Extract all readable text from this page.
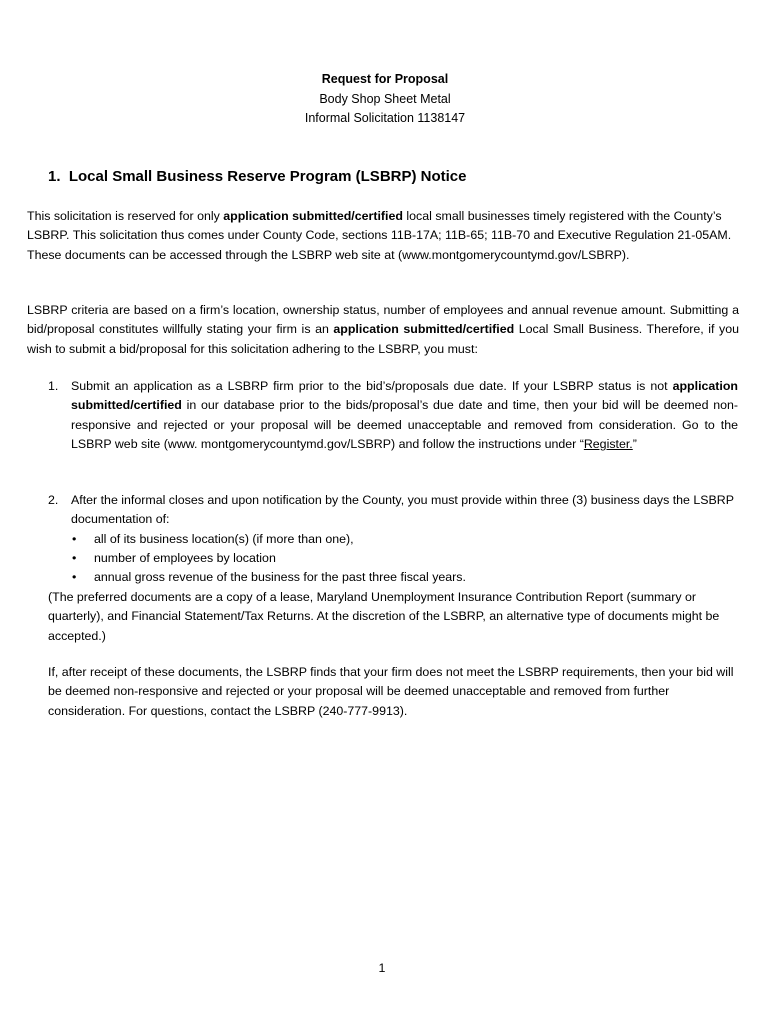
Request for Proposal
Body Shop Sheet Metal
Informal Solicitation 1138147
1. Local Small Business Reserve Program (LSBRP) Notice
This solicitation is reserved for only application submitted/certified local small businesses timely registered with the County’s LSBRP. This solicitation thus comes under County Code, sections 11B-17A; 11B-65; 11B-70 and Executive Regulation 21-05AM. These documents can be accessed through the LSBRP web site at (www.montgomerycountymd.gov/LSBRP).
LSBRP criteria are based on a firm’s location, ownership status, number of employees and annual revenue amount. Submitting a bid/proposal constitutes willfully stating your firm is an application submitted/certified Local Small Business. Therefore, if you wish to submit a bid/proposal for this solicitation adhering to the LSBRP, you must:
1.	Submit an application as a LSBRP firm prior to the bid’s/proposals due date. If your LSBRP status is not application submitted/certified in our database prior to the bids/proposal’s due date and time, then your bid will be deemed non-responsive and rejected or your proposal will be deemed unacceptable and removed from consideration. Go to the LSBRP web site (www. montgomerycountymd.gov/LSBRP) and follow the instructions under “Register.”
2.	After the informal closes and upon notification by the County, you must provide within three (3) business days the LSBRP documentation of:
• all of its business location(s) (if more than one),
• number of employees by location
• annual gross revenue of the business for the past three fiscal years.
(The preferred documents are a copy of a lease, Maryland Unemployment Insurance Contribution Report (summary or quarterly), and Financial Statement/Tax Returns. At the discretion of the LSBRP, an alternative type of documents might be accepted.)
If, after receipt of these documents, the LSBRP finds that your firm does not meet the LSBRP requirements, then your bid will be deemed non-responsive and rejected or your proposal will be deemed unacceptable and removed from further consideration. For questions, contact the LSBRP (240-777-9913).
1
